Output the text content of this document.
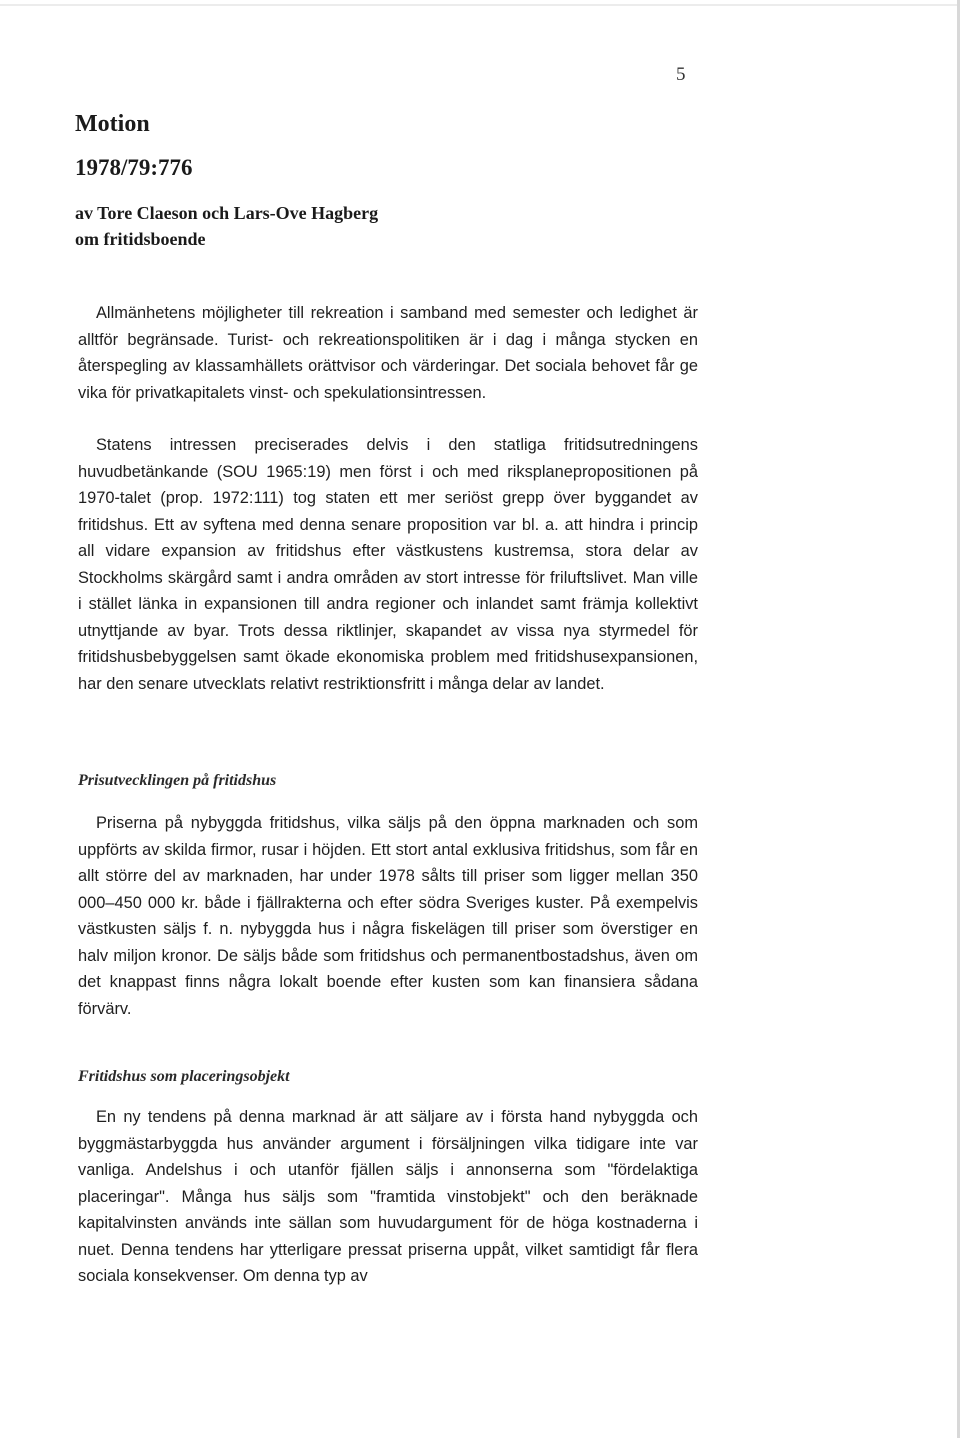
5
Motion
1978/79:776
av Tore Claeson och Lars-Ove Hagberg
om fritidsboende

Allmänhetens möjligheter till rekreation i samband med semester och ledighet är alltför begränsade. Turist- och rekreationspolitiken är i dag i många stycken en återspegling av klassamhällets orättvisor och värderingar. Det sociala behovet får ge vika för privatkapitalets vinst- och spekulationsintressen.

Statens intressen preciserades delvis i den statliga fritidsutredningens huvudbetänkande (SOU 1965:19) men först i och med riksplanepropositionen på 1970-talet (prop. 1972:111) tog staten ett mer seriöst grepp över byggandet av fritidshus. Ett av syftena med denna senare proposition var bl. a. att hindra i princip all vidare expansion av fritidshus efter västkustens kustremsa, stora delar av Stockholms skärgård samt i andra områden av stort intresse för friluftslivet. Man ville i stället länka in expansionen till andra regioner och inlandet samt främja kollektivt utnyttjande av byar. Trots dessa riktlinjer, skapandet av vissa nya styrmedel för fritidshusbebyggelsen samt ökade ekonomiska problem med fritidshusexpansionen, har den senare utvecklats relativt restriktionsfritt i många delar av landet.

Prisutvecklingen på fritidshus

Priserna på nybyggda fritidshus, vilka säljs på den öppna marknaden och som uppförts av skilda firmor, rusar i höjden. Ett stort antal exklusiva fritidshus, som får en allt större del av marknaden, har under 1978 sålts till priser som ligger mellan 350 000–450 000 kr. både i fjällrakterna och efter södra Sveriges kuster. På exempelvis västkusten säljs f. n. nybyggda hus i några fiskelägen till priser som överstiger en halv miljon kronor. De säljs både som fritidshus och permanentbostadshus, även om det knappast finns några lokalt boende efter kusten som kan finansiera sådana förvärv.

Fritidshus som placeringsobjekt

En ny tendens på denna marknad är att säljare av i första hand nybyggda och byggmästarbyggda hus använder argument i försäljningen vilka tidigare inte var vanliga. Andelshus i och utanför fjällen säljs i annonserna som "fördelaktiga placeringar". Många hus säljs som "framtida vinstobjekt" och den beräknade kapitalvinsten används inte sällan som huvudargument för de höga kostnaderna i nuet. Denna tendens har ytterligare pressat priserna uppåt, vilket samtidigt får flera sociala konsekvenser. Om denna typ av
